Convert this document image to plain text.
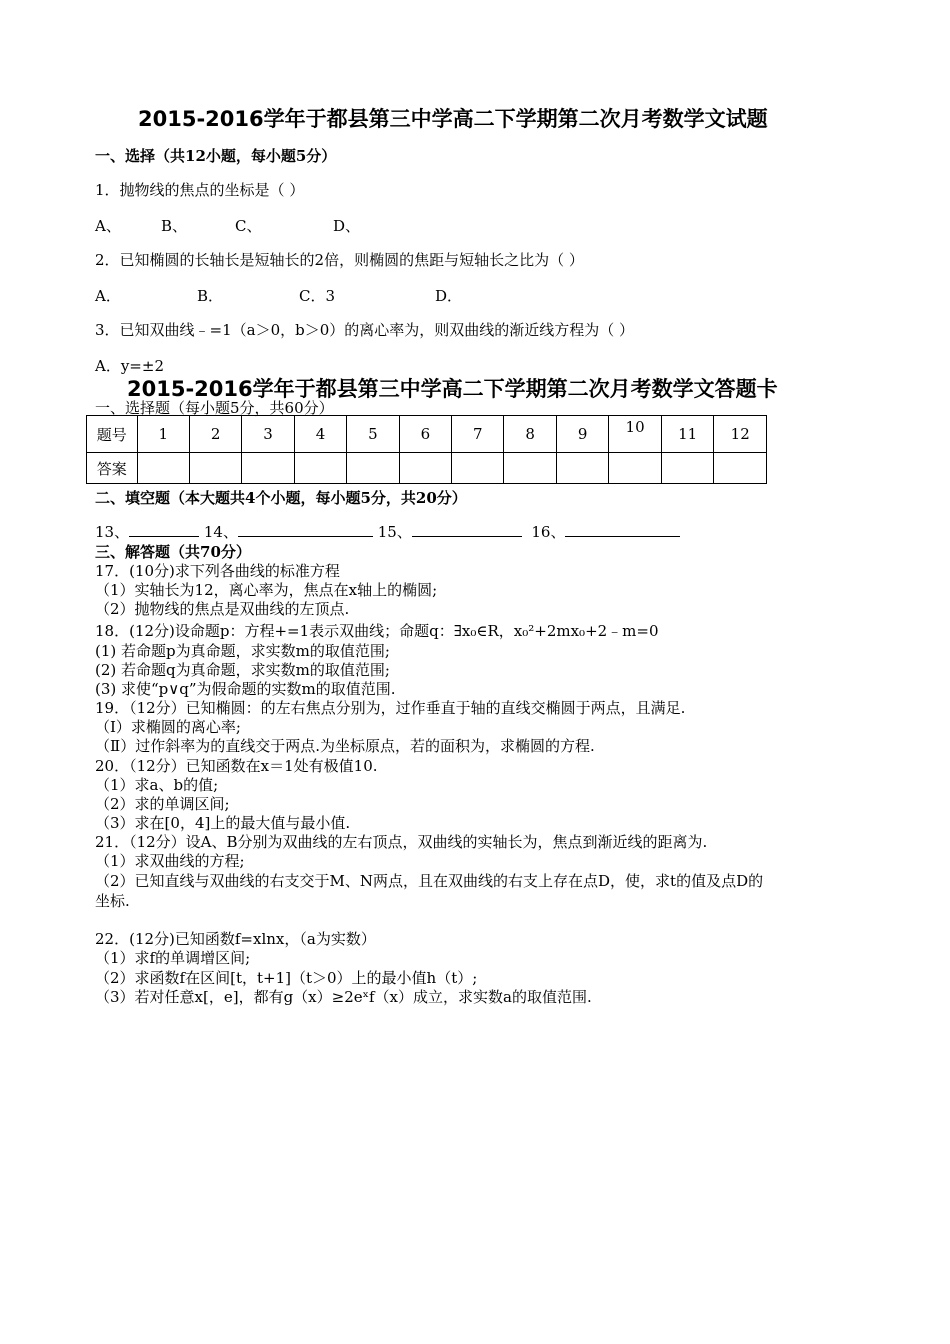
2015-2016学年于都县第三中学高二下学期第二次月考数学文试题
一、选择（共12小题，每小题5分）
1．抛物线的焦点的坐标是（ ）
A、	B、	C、	D、
2．已知椭圆的长轴长是短轴长的2倍，则椭圆的焦距与短轴长之比为（ ）
A．	B．	C．3	D．
3．已知双曲线﹣=1（a＞0，b＞0）的离心率为，则双曲线的渐近线方程为（ ）
A．y=±2
2015-2016学年于都县第三中学高二下学期第二次月考数学文答题卡
一、选择题（每小题5分，共60分）
题号	1	2	3	4	5	6	7	8	9	10	11	12
答案												
二、填空题（本大题共4个小题，每小题5分，共20分）
13、	14、	15、	16、
三、解答题（共70分）
17．(10分)求下列各曲线的标准方程
（1）实轴长为12，离心率为，焦点在x轴上的椭圆;
（2）抛物线的焦点是双曲线的左顶点.
18．(12分)设命题p：方程+=1表示双曲线；命题q：∃x₀∈R，x₀²+2mx₀+2﹣m=0
(1) 若命题p为真命题，求实数m的取值范围;
(2) 若命题q为真命题，求实数m的取值范围;
(3) 求使“p∨q”为假命题的实数m的取值范围.
19．（12分）已知椭圆：的左右焦点分别为，过作垂直于轴的直线交椭圆于两点，且满足.
（Ⅰ）求椭圆的离心率;
（Ⅱ）过作斜率为的直线交于两点.为坐标原点，若的面积为，求椭圆的方程.
20．（12分）已知函数在x＝1处有极值10.
（1）求a、b的值;
（2）求的单调区间;
（3）求在[0，4]上的最大值与最小值.
21．（12分）设A、B分别为双曲线的左右顶点，双曲线的实轴长为，焦点到渐近线的距离为.
（1）求双曲线的方程;
（2）已知直线与双曲线的右支交于M、N两点，且在双曲线的右支上存在点D，使，求t的值及点D的
坐标.
22．(12分)已知函数f=xlnx，（a为实数）
（1）求f的单调增区间;
（2）求函数f在区间[t，t+1]（t＞0）上的最小值h（t）;
（3）若对任意x[，e]，都有g（x）≥2eˣf（x）成立，求实数a的取值范围.
